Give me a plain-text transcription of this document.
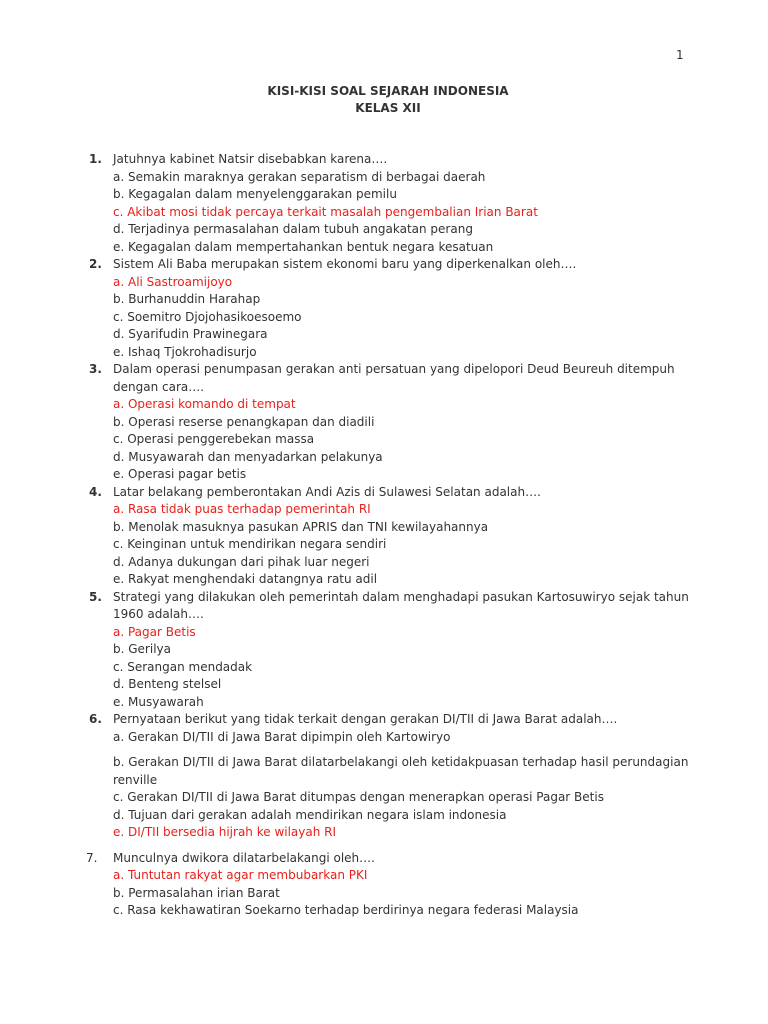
1
KISI-KISI SOAL SEJARAH INDONESIA
KELAS XII
1. Jatuhnya kabinet Natsir disebabkan karena….
a. Semakin maraknya gerakan separatism di berbagai daerah
b. Kegagalan dalam menyelenggarakan pemilu
c. Akibat mosi tidak percaya terkait masalah pengembalian Irian Barat
d. Terjadinya permasalahan dalam tubuh angakatan perang
e. Kegagalan dalam mempertahankan bentuk negara kesatuan
2. Sistem Ali Baba merupakan sistem ekonomi baru yang diperkenalkan oleh….
a. Ali Sastroamijoyo
b. Burhanuddin Harahap
c. Soemitro Djojohasikoesoemo
d. Syarifudin Prawinegara
e. Ishaq Tjokrohadisurjo
3. Dalam operasi penumpasan gerakan anti persatuan yang dipelopori Deud Beureuh ditempuh dengan cara….
a. Operasi komando di tempat
b. Operasi reserse penangkapan dan diadili
c. Operasi penggerebekan massa
d. Musyawarah dan menyadarkan pelakunya
e. Operasi pagar betis
4. Latar belakang pemberontakan Andi Azis di Sulawesi Selatan adalah….
a. Rasa tidak puas terhadap pemerintah RI
b. Menolak masuknya pasukan APRIS dan TNI kewilayahannya
c. Keinginan untuk mendirikan negara sendiri
d. Adanya dukungan dari pihak luar negeri
e. Rakyat menghendaki datangnya ratu adil
5. Strategi yang dilakukan oleh pemerintah dalam menghadapi pasukan Kartosuwiryo sejak tahun 1960 adalah….
a. Pagar Betis
b. Gerilya
c. Serangan mendadak
d. Benteng stelsel
e. Musyawarah
6. Pernyataan berikut yang tidak terkait dengan gerakan DI/TII di Jawa Barat adalah….
a. Gerakan DI/TII di Jawa Barat dipimpin oleh Kartowiryo
b. Gerakan DI/TII di Jawa Barat dilatarbelakangi oleh ketidakpuasan terhadap hasil perundagian renville
c. Gerakan DI/TII di Jawa Barat ditumpas dengan menerapkan operasi Pagar Betis
d. Tujuan dari gerakan adalah mendirikan negara islam indonesia
e. DI/TII bersedia hijrah ke wilayah RI
7. Munculnya dwikora dilatarbelakangi oleh….
a. Tuntutan rakyat agar membubarkan PKI
b. Permasalahan irian Barat
c. Rasa kekhawatiran Soekarno terhadap berdirinya negara federasi Malaysia
